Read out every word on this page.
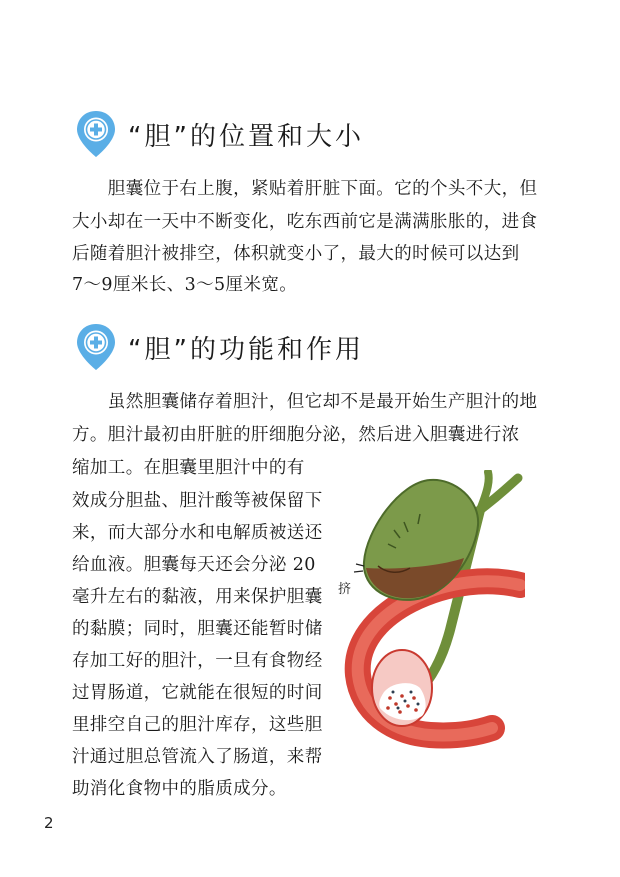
“胆”的位置和大小
　　胆囊位于右上腹，紧贴着肝脏下面。它的个头不大，但
大小却在一天中不断变化，吃东西前它是满满胀胀的，进食
后随着胆汁被排空，体积就变小了，最大的时候可以达到
7～9厘米长、3～5厘米宽。
“胆”的功能和作用
　　虽然胆囊储存着胆汁，但它却不是最开始生产胆汁的地
方。胆汁最初由肝脏的肝细胞分泌，然后进入胆囊进行浓
缩加工。在胆囊里胆汁中的有
效成分胆盐、胆汁酸等被保留下
来，而大部分水和电解质被送还
给血液。胆囊每天还会分泌 20
毫升左右的黏液，用来保护胆囊
的黏膜；同时，胆囊还能暂时储
存加工好的胆汁，一旦有食物经
过胃肠道，它就能在很短的时间
里排空自己的胆汁库存，这些胆
汁通过胆总管流入了肠道，来帮
助消化食物中的脂质成分。
挤
2
